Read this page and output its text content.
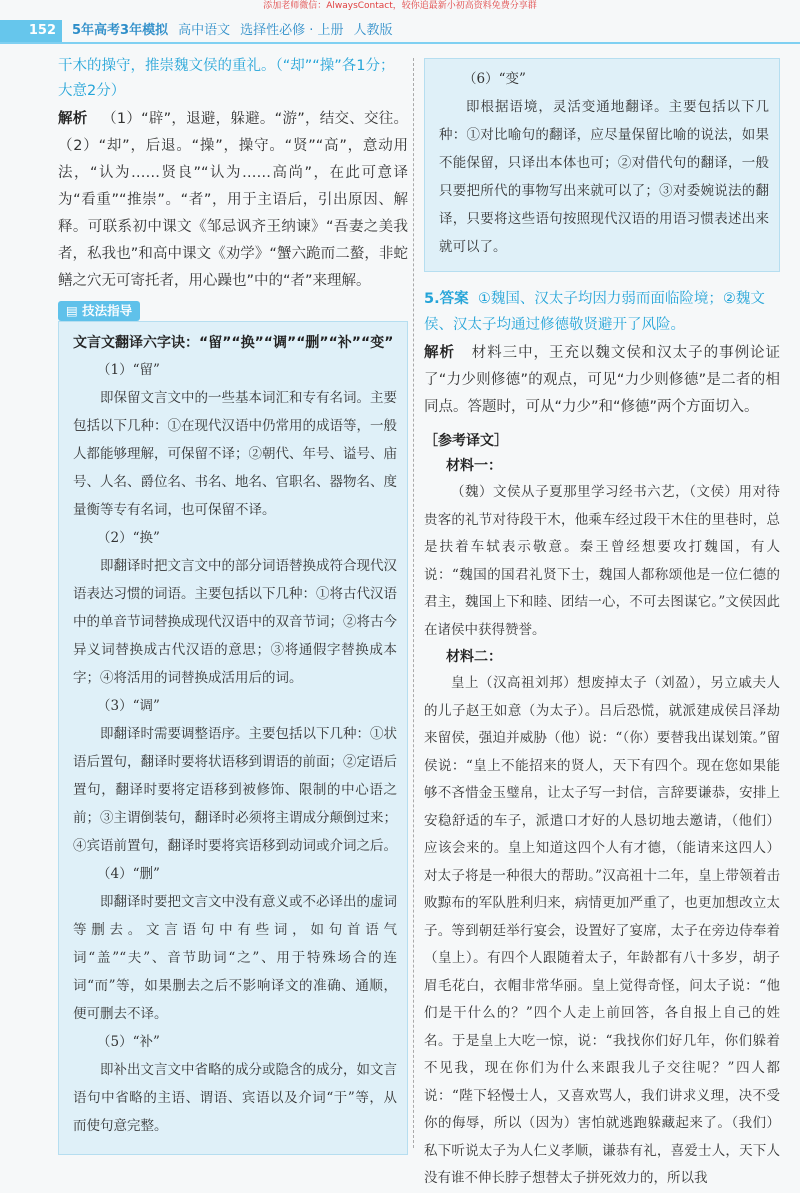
添加老师微信：AlwaysContact，较你追最新小初高资料免费分享群
152	5年高考3年模拟 高中语文 选择性必修 · 上册 人教版

干木的操守，推崇魏文侯的重礼。（“却”“操”各1分；大意2分）

解析 （1）“辟”，退避，躲避。“游”，结交、交往。（2）“却”，后退。“操”，操守。“贤”“高”，意动用法，“认为……贤良”“认为……高尚”，在此可意译为“看重”“推崇”。“者”，用于主语后，引出原因、解释。可联系初中课文《邹忌讽齐王纳谏》“吾妻之美我者，私我也”和高中课文《劝学》“蟹六跪而二螯，非蛇鳝之穴无可寄托者，用心躁也”中的“者”来理解。

▤ 技法指导

文言文翻译六字诀：“留”“换”“调”“删”“补”“变”

（1）“留”

即保留文言文中的一些基本词汇和专有名词。主要包括以下几种：①在现代汉语中仍常用的成语等，一般人都能够理解，可保留不译；②朝代、年号、谥号、庙号、人名、爵位名、书名、地名、官职名、器物名、度量衡等专有名词，也可保留不译。

（2）“换”

即翻译时把文言文中的部分词语替换成符合现代汉语表达习惯的词语。主要包括以下几种：①将古代汉语中的单音节词替换成现代汉语中的双音节词；②将古今异义词替换成古代汉语的意思；③将通假字替换成本字；④将活用的词替换成活用后的词。

（3）“调”

即翻译时需要调整语序。主要包括以下几种：①状语后置句，翻译时要将状语移到谓语的前面；②定语后置句，翻译时要将定语移到被修饰、限制的中心语之前；③主谓倒装句，翻译时必须将主谓成分颠倒过来；④宾语前置句，翻译时要将宾语移到动词或介词之后。

（4）“删”

即翻译时要把文言文中没有意义或不必译出的虚词等删去。文言语句中有些词，如句首语气词“盖”“夫”、音节助词“之”、用于特殊场合的连词“而”等，如果删去之后不影响译文的准确、通顺，便可删去不译。

（5）“补”

即补出文言文中省略的成分或隐含的成分，如文言语句中省略的主语、谓语、宾语以及介词“于”等，从而使句意完整。

（6）“变”

即根据语境，灵活变通地翻译。主要包括以下几种：①对比喻句的翻译，应尽量保留比喻的说法，如果不能保留，只译出本体也可；②对借代句的翻译，一般只要把所代的事物写出来就可以了；③对委婉说法的翻译，只要将这些语句按照现代汉语的用语习惯表述出来就可以了。

5.答案 ①魏国、汉太子均因力弱而面临险境；②魏文侯、汉太子均通过修德敬贤避开了风险。

解析 材料三中，王充以魏文侯和汉太子的事例论证了“力少则修德”的观点，可见“力少则修德”是二者的相同点。答题时，可从“力少”和“修德”两个方面切入。

［参考译文］

材料一：

（魏）文侯从子夏那里学习经书六艺，（文侯）用对待贵客的礼节对待段干木，他乘车经过段干木住的里巷时，总是扶着车轼表示敬意。秦王曾经想要攻打魏国，有人说：“魏国的国君礼贤下士，魏国人都称颂他是一位仁德的君主，魏国上下和睦、团结一心，不可去图谋它。”文侯因此在诸侯中获得赞誉。

材料二：

皇上（汉高祖刘邦）想废掉太子（刘盈），另立戚夫人的儿子赵王如意（为太子）。吕后恐慌，就派建成侯吕泽劫来留侯，强迫并威胁（他）说：“（你）要替我出谋划策。”留侯说：“皇上不能招来的贤人，天下有四个。现在您如果能够不吝惜金玉璧帛，让太子写一封信，言辞要谦恭，安排上安稳舒适的车子，派遣口才好的人恳切地去邀请，（他们）应该会来的。皇上知道这四个人有才德，（能请来这四人）对太子将是一种很大的帮助。”汉高祖十二年，皇上带领着击败黥布的军队胜利归来，病情更加严重了，也更加想改立太子。等到朝廷举行宴会，设置好了宴席，太子在旁边侍奉着（皇上）。有四个人跟随着太子，年龄都有八十多岁，胡子眉毛花白，衣帽非常华丽。皇上觉得奇怪，问太子说：“他们是干什么的？”四个人走上前回答，各自报上自己的姓名。于是皇上大吃一惊，说：“我找你们好几年，你们躲着不见我，现在你们为什么来跟我儿子交往呢？”四人都说：“陛下轻慢士人，又喜欢骂人，我们讲求义理，决不受你的侮辱，所以（因为）害怕就逃跑躲藏起来了。（我们）私下听说太子为人仁义孝顺，谦恭有礼，喜爱士人，天下人没有谁不伸长脖子想替太子拼死效力的，所以我
